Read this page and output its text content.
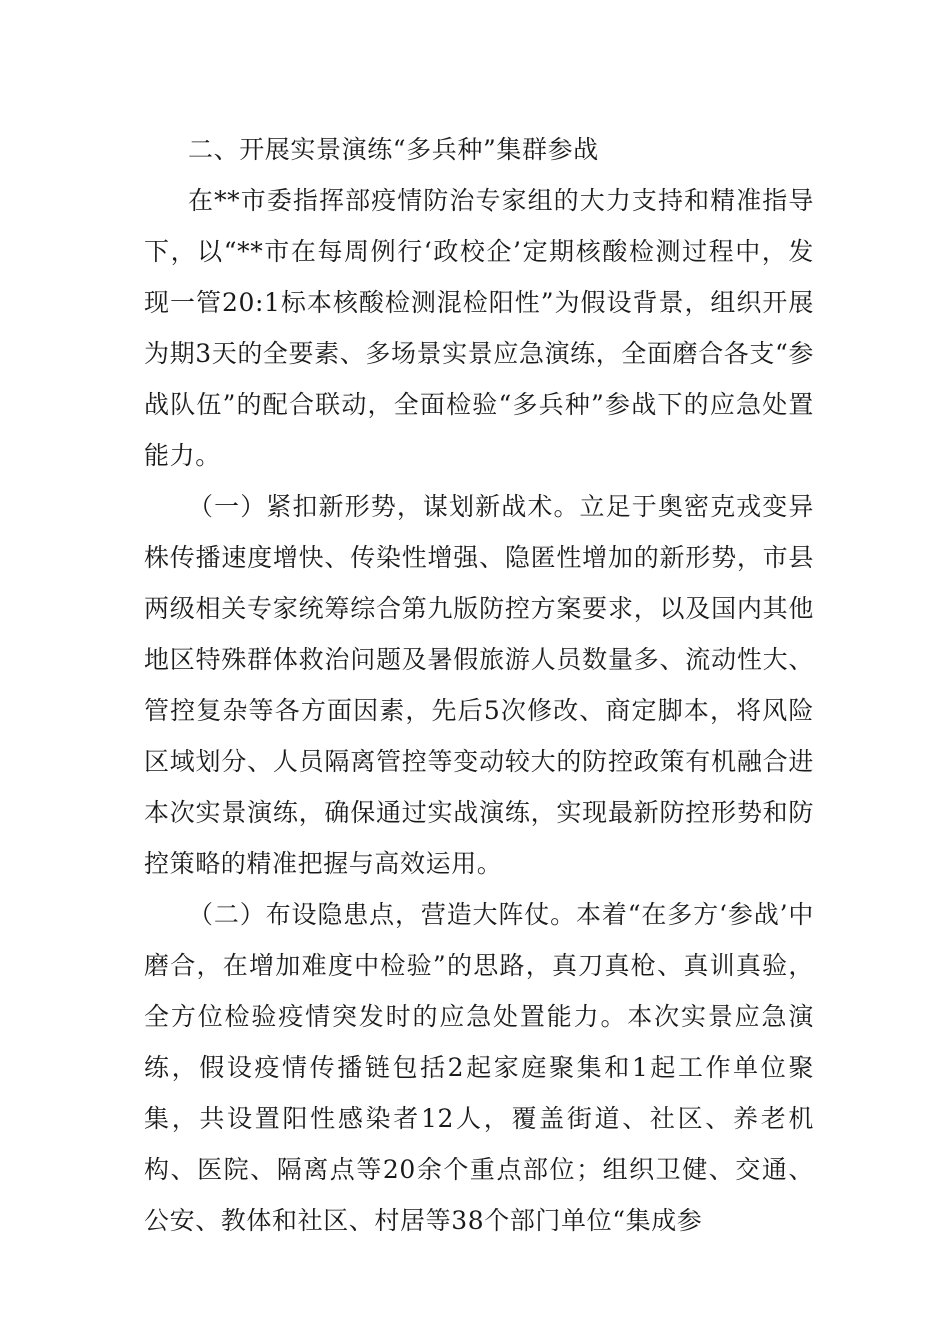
二、开展实景演练“多兵种”集群参战

在**市委指挥部疫情防治专家组的大力支持和精准指导下，以“**市在每周例行‘政校企’定期核酸检测过程中，发现一管20:1标本核酸检测混检阳性”为假设背景，组织开展为期3天的全要素、多场景实景应急演练，全面磨合各支“参战队伍”的配合联动，全面检验“多兵种”参战下的应急处置能力。

（一）紧扣新形势，谋划新战术。立足于奥密克戎变异株传播速度增快、传染性增强、隐匿性增加的新形势，市县两级相关专家统筹综合第九版防控方案要求，以及国内其他地区特殊群体救治问题及暑假旅游人员数量多、流动性大、管控复杂等各方面因素，先后5次修改、商定脚本，将风险区域划分、人员隔离管控等变动较大的防控政策有机融合进本次实景演练，确保通过实战演练，实现最新防控形势和防控策略的精准把握与高效运用。

（二）布设隐患点，营造大阵仗。本着“在多方‘参战’中磨合，在增加难度中检验”的思路，真刀真枪、真训真验，全方位检验疫情突发时的应急处置能力。本次实景应急演练，假设疫情传播链包括2起家庭聚集和1起工作单位聚集，共设置阳性感染者12人，覆盖街道、社区、养老机构、医院、隔离点等20余个重点部位；组织卫健、交通、公安、教体和社区、村居等38个部门单位“集成参
